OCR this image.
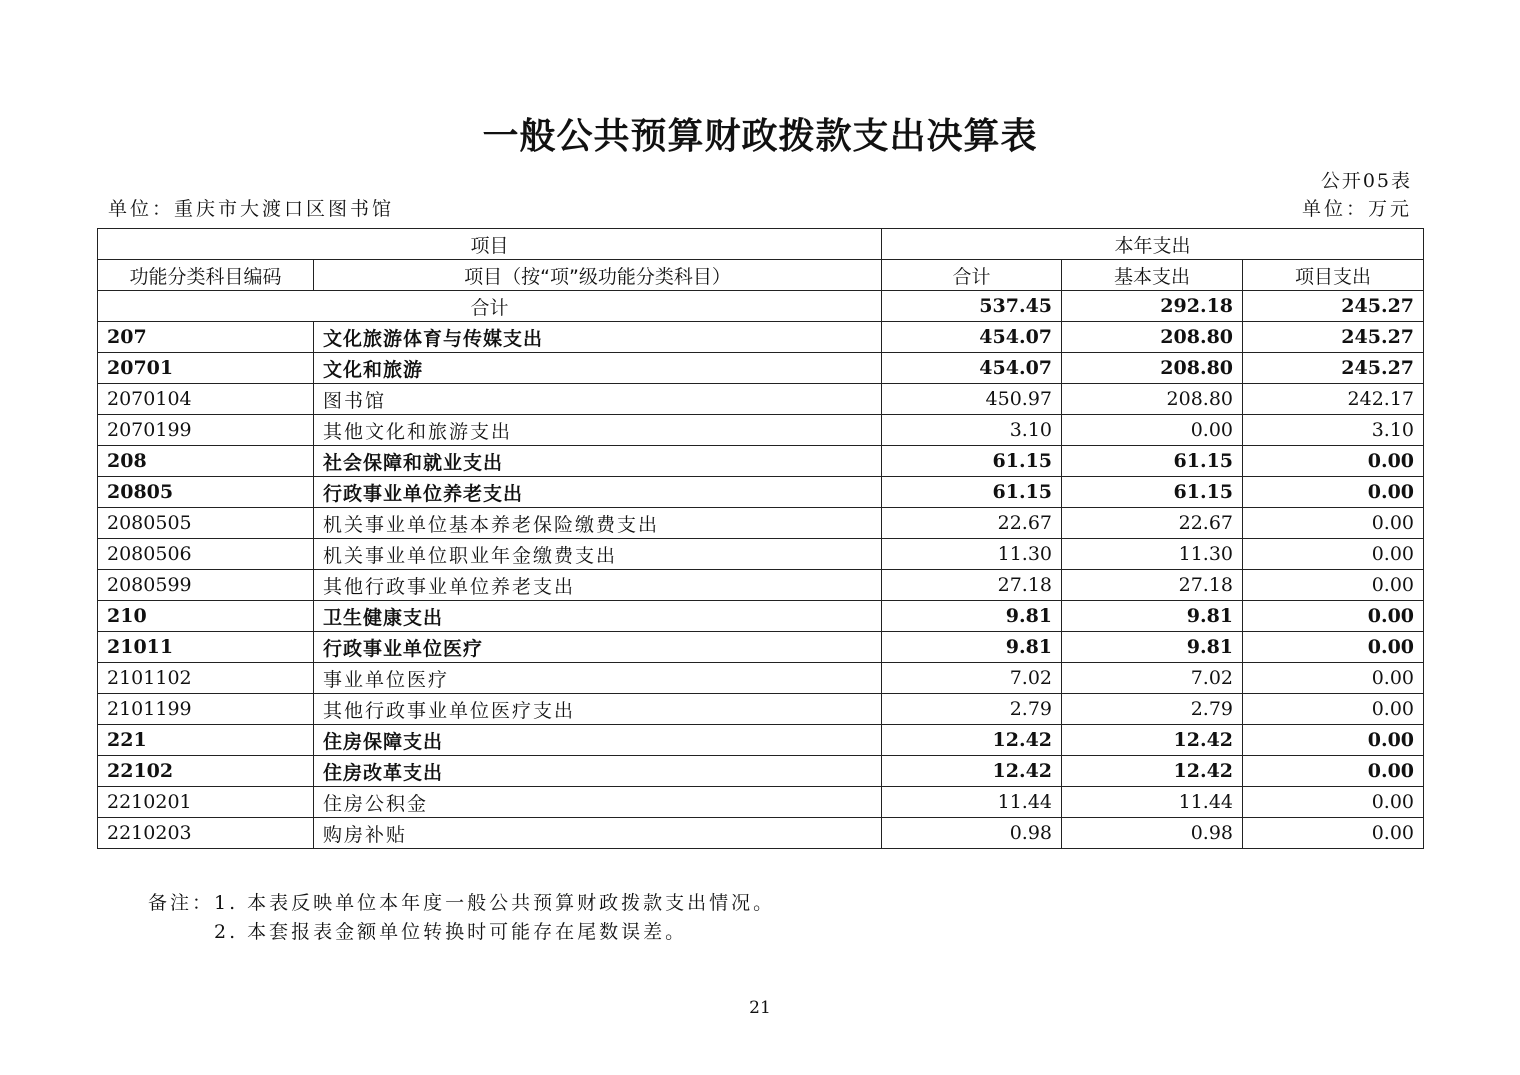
一般公共预算财政拨款支出决算表
公开05表
单位：重庆市大渡口区图书馆	单位：万元
项目		本年支出		
功能分类科目编码	项目（按“项”级功能分类科目）	合计	基本支出	项目支出
合计		537.45	292.18	245.27
207	文化旅游体育与传媒支出	454.07	208.80	245.27
20701	文化和旅游	454.07	208.80	245.27
2070104	图书馆	450.97	208.80	242.17
2070199	其他文化和旅游支出	3.10	0.00	3.10
208	社会保障和就业支出	61.15	61.15	0.00
20805	行政事业单位养老支出	61.15	61.15	0.00
2080505	机关事业单位基本养老保险缴费支出	22.67	22.67	0.00
2080506	机关事业单位职业年金缴费支出	11.30	11.30	0.00
2080599	其他行政事业单位养老支出	27.18	27.18	0.00
210	卫生健康支出	9.81	9.81	0.00
21011	行政事业单位医疗	9.81	9.81	0.00
2101102	事业单位医疗	7.02	7.02	0.00
2101199	其他行政事业单位医疗支出	2.79	2.79	0.00
221	住房保障支出	12.42	12.42	0.00
22102	住房改革支出	12.42	12.42	0.00
2210201	住房公积金	11.44	11.44	0.00
2210203	购房补贴	0.98	0.98	0.00
备注： 1. 本表反映单位本年度一般公共预算财政拨款支出情况。
2. 本套报表金额单位转换时可能存在尾数误差。
21
